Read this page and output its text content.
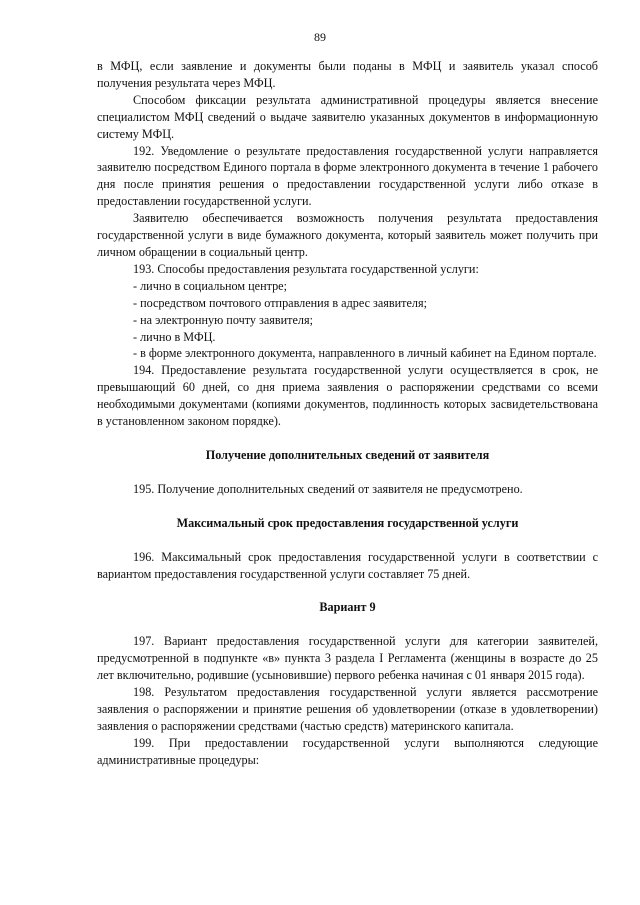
89

в МФЦ, если заявление и документы были поданы в МФЦ и заявитель указал способ получения результата через МФЦ.

Способом фиксации результата административной процедуры является внесение специалистом МФЦ сведений о выдаче заявителю указанных документов в информационную систему МФЦ.

192. Уведомление о результате предоставления государственной услуги направляется заявителю посредством Единого портала в форме электронного документа в течение 1 рабочего дня после принятия решения о предоставлении государственной услуги либо отказе в предоставлении государственной услуги.

Заявителю обеспечивается возможность получения результата предоставления государственной услуги в виде бумажного документа, который заявитель может получить при личном обращении в социальный центр.

193. Способы предоставления результата государственной услуги:

- лично в социальном центре;

- посредством почтового отправления в адрес заявителя;

- на электронную почту заявителя;

- лично в МФЦ.

- в форме электронного документа, направленного в личный кабинет на Едином портале.

194. Предоставление результата государственной услуги осуществляется в срок, не превышающий 60 дней, со дня приема заявления о распоряжении средствами со всеми необходимыми документами (копиями документов, подлинность которых засвидетельствована в установленном законом порядке).

Получение дополнительных сведений от заявителя

195. Получение дополнительных сведений от заявителя не предусмотрено.

Максимальный срок предоставления государственной услуги

196. Максимальный срок предоставления государственной услуги в соответствии с вариантом предоставления государственной услуги составляет 75 дней.

Вариант 9

197. Вариант предоставления государственной услуги для категории заявителей, предусмотренной в подпункте «в» пункта 3 раздела I Регламента (женщины в возрасте до 25 лет включительно, родившие (усыновившие) первого ребенка начиная с 01 января 2015 года).

198. Результатом предоставления государственной услуги является рассмотрение заявления о распоряжении и принятие решения об удовлетворении (отказе в удовлетворении) заявления о распоряжении средствами (частью средств) материнского капитала.

199. При предоставлении государственной услуги выполняются следующие административные процедуры:
